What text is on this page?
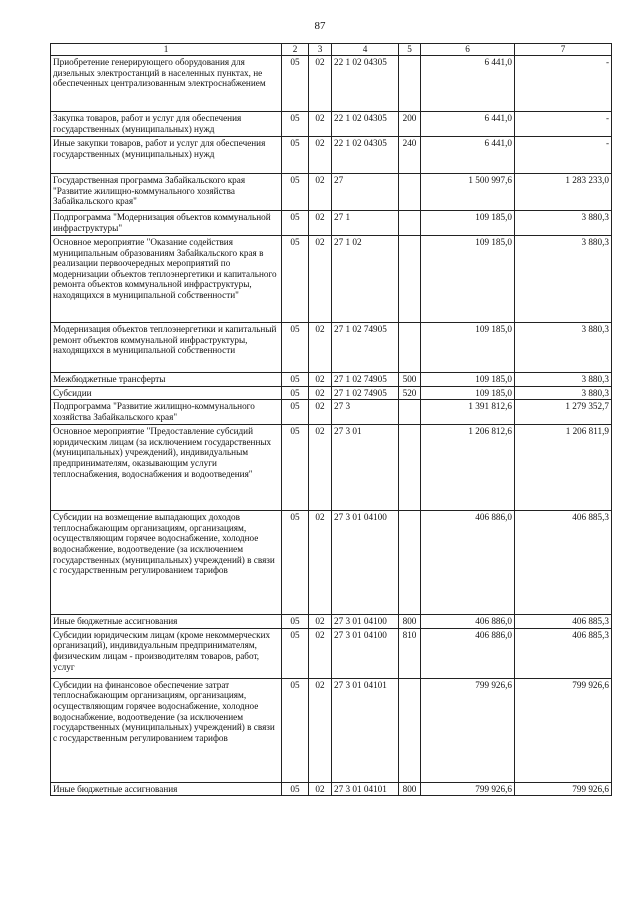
87
1	2	3	4	5	6	7
Приобретение генерирующего оборудования для дизельных электростанций в населенных пунктах, не обеспеченных централизованным электроснабжением	05	02	22 1 02 04305		6 441,0	-
Закупка товаров, работ и услуг для обеспечения государственных (муниципальных) нужд	05	02	22 1 02 04305	200	6 441,0	-
Иные закупки товаров, работ и услуг для обеспечения государственных (муниципальных) нужд	05	02	22 1 02 04305	240	6 441,0	-
Государственная программа Забайкальского края "Развитие жилищно-коммунального хозяйства Забайкальского края"	05	02	27		1 500 997,6	1 283 233,0
Подпрограмма "Модернизация объектов коммунальной инфраструктуры"	05	02	27 1		109 185,0	3 880,3
Основное мероприятие "Оказание содействия муниципальным образованиям Забайкальского края в реализации первоочередных мероприятий по модернизации объектов теплоэнергетики и капитального ремонта объектов коммунальной инфраструктуры, находящихся в муниципальной собственности"	05	02	27 1 02		109 185,0	3 880,3
Модернизация объектов теплоэнергетики и капитальный ремонт объектов коммунальной инфраструктуры, находящихся в муниципальной собственности	05	02	27 1 02 74905		109 185,0	3 880,3
Межбюджетные трансферты	05	02	27 1 02 74905	500	109 185,0	3 880,3
Субсидии	05	02	27 1 02 74905	520	109 185,0	3 880,3
Подпрограмма "Развитие жилищно-коммунального хозяйства Забайкальского края"	05	02	27 3		1 391 812,6	1 279 352,7
Основное мероприятие "Предоставление субсидий юридическим лицам (за исключением государственных (муниципальных) учреждений), индивидуальным предпринимателям, оказывающим услуги теплоснабжения, водоснабжения и водоотведения"	05	02	27 3 01		1 206 812,6	1 206 811,9
Субсидии на возмещение выпадающих доходов теплоснабжающим организациям, организациям, осуществляющим горячее водоснабжение, холодное водоснабжение, водоотведение (за исключением государственных (муниципальных) учреждений) в связи с государственным регулированием тарифов	05	02	27 3 01 04100		406 886,0	406 885,3
Иные бюджетные ассигнования	05	02	27 3 01 04100	800	406 886,0	406 885,3
Субсидии юридическим лицам (кроме некоммерческих организаций), индивидуальным предпринимателям, физическим лицам - производителям товаров, работ, услуг	05	02	27 3 01 04100	810	406 886,0	406 885,3
Субсидии на финансовое обеспечение затрат теплоснабжающим организациям, организациям, осуществляющим горячее водоснабжение, холодное водоснабжение, водоотведение (за исключением государственных (муниципальных) учреждений) в связи с государственным регулированием тарифов	05	02	27 3 01 04101		799 926,6	799 926,6
Иные бюджетные ассигнования	05	02	27 3 01 04101	800	799 926,6	799 926,6
